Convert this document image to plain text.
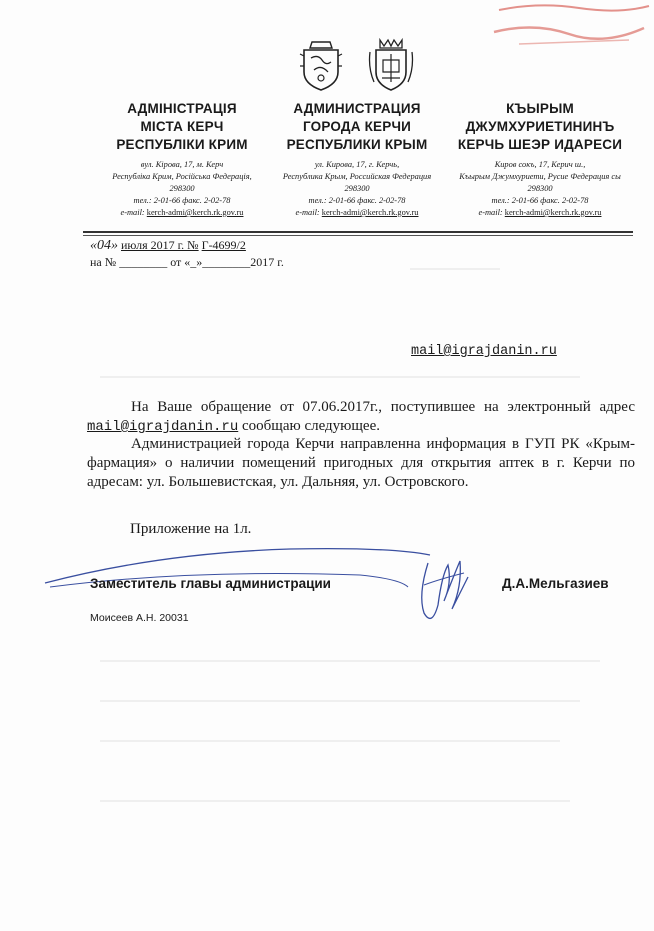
АДМІНІСТРАЦІЯ
МІСТА КЕРЧ
РЕСПУБЛІКИ КРИМ
вул. Кірова, 17, м. Керч
Республіка Крим, Російська Федерація,
298300
тел.: 2-01-66 факс. 2-02-78
e-mail: kerch-admi@kerch.rk.gov.ru
АДМИНИСТРАЦИЯ
ГОРОДА КЕРЧИ
РЕСПУБЛИКИ КРЫМ
ул. Кирова, 17, г. Керчь,
Республика Крым, Российская Федерация
298300
тел.: 2-01-66 факс. 2-02-78
e-mail: kerch-admi@kerch.rk.gov.ru
КЪЫРЫМ
ДЖУМХУРИЕТИНИНЪ
КЕРЧЬ ШЕЭР ИДАРЕСИ
Киров сокъ, 17, Керич ш.,
Къырым Джумхуриети, Русие Федерация сы
298300
тел.: 2-01-66 факс. 2-02-78
e-mail: kerch-admi@kerch.rk.gov.ru
«04» июля 2017 г. № Г-4699/2
на № ________ от «_»________2017 г.
mail@igrajdanin.ru
На Ваше обращение от 07.06.2017г., поступившее на электронный адрес mail@igrajdanin.ru сообщаю следующее.
Администрацией города Керчи направленна информация в ГУП РК «Крым-фармация» о наличии помещений пригодных для открытия аптек в г. Керчи по адресам: ул. Большевистская, ул. Дальняя, ул. Островского.
Приложение на 1л.
Заместитель главы администрации	Д.А.Мельгазиев
Моисеев А.Н. 20031
